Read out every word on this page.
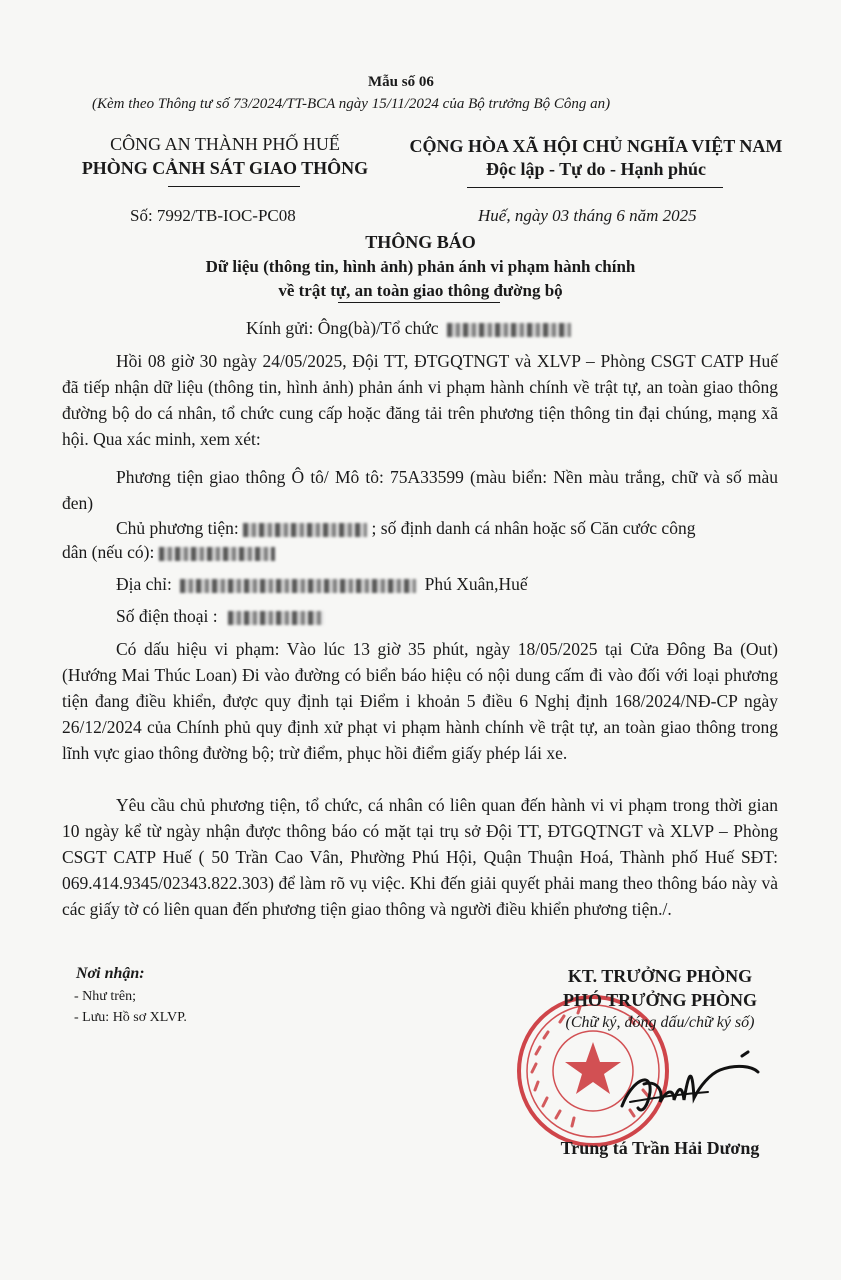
Mẫu số 06
(Kèm theo Thông tư số 73/2024/TT-BCA ngày 15/11/2024 của Bộ trưởng Bộ Công an)
CÔNG AN THÀNH PHỐ HUẾ
PHÒNG CẢNH SÁT GIAO THÔNG
CỘNG HÒA XÃ HỘI CHỦ NGHĨA VIỆT NAM
Độc lập - Tự do - Hạnh phúc
Số: 7992/TB-IOC-PC08	Huế, ngày 03 tháng 6 năm 2025
THÔNG BÁO
Dữ liệu (thông tin, hình ảnh) phản ánh vi phạm hành chính
về trật tự, an toàn giao thông đường bộ
Kính gửi: Ông(bà)/Tổ chức
Hồi 08 giờ 30 ngày 24/05/2025, Đội TT, ĐTGQTNGT và XLVP – Phòng CSGT CATP Huế đã tiếp nhận dữ liệu (thông tin, hình ảnh) phản ánh vi phạm hành chính về trật tự, an toàn giao thông đường bộ do cá nhân, tổ chức cung cấp hoặc đăng tải trên phương tiện thông tin đại chúng, mạng xã hội. Qua xác minh, xem xét:
Phương tiện giao thông Ô tô/ Mô tô: 75A33599 (màu biển: Nền màu trắng, chữ và số màu đen)
Chủ phương tiện:	; số định danh cá nhân hoặc số Căn cước công
dân (nếu có):
Địa chỉ:	Phú Xuân,Huế
Số điện thoại :
Có dấu hiệu vi phạm: Vào lúc 13 giờ 35 phút, ngày 18/05/2025 tại Cửa Đông Ba (Out) (Hướng Mai Thúc Loan) Đi vào đường có biển báo hiệu có nội dung cấm đi vào đối với loại phương tiện đang điều khiển, được quy định tại Điểm i khoản 5 điều 6 Nghị định 168/2024/NĐ-CP ngày 26/12/2024 của Chính phủ quy định xử phạt vi phạm hành chính về trật tự, an toàn giao thông trong lĩnh vực giao thông đường bộ; trừ điểm, phục hồi điểm giấy phép lái xe.
Yêu cầu chủ phương tiện, tổ chức, cá nhân có liên quan đến hành vi vi phạm trong thời gian 10 ngày kể từ ngày nhận được thông báo có mặt tại trụ sở Đội TT, ĐTGQTNGT và XLVP – Phòng CSGT CATP Huế ( 50 Trần Cao Vân, Phường Phú Hội, Quận Thuận Hoá, Thành phố Huế SĐT: 069.414.9345/02343.822.303) để làm rõ vụ việc. Khi đến giải quyết phải mang theo thông báo này và các giấy tờ có liên quan đến phương tiện giao thông và người điều khiển phương tiện./.
Nơi nhận:
- Như trên;
- Lưu: Hồ sơ XLVP.
KT. TRƯỞNG PHÒNG
PHÓ TRƯỞNG PHÒNG
(Chữ ký, đóng dấu/chữ ký số)
Trung tá Trần Hải Dương
